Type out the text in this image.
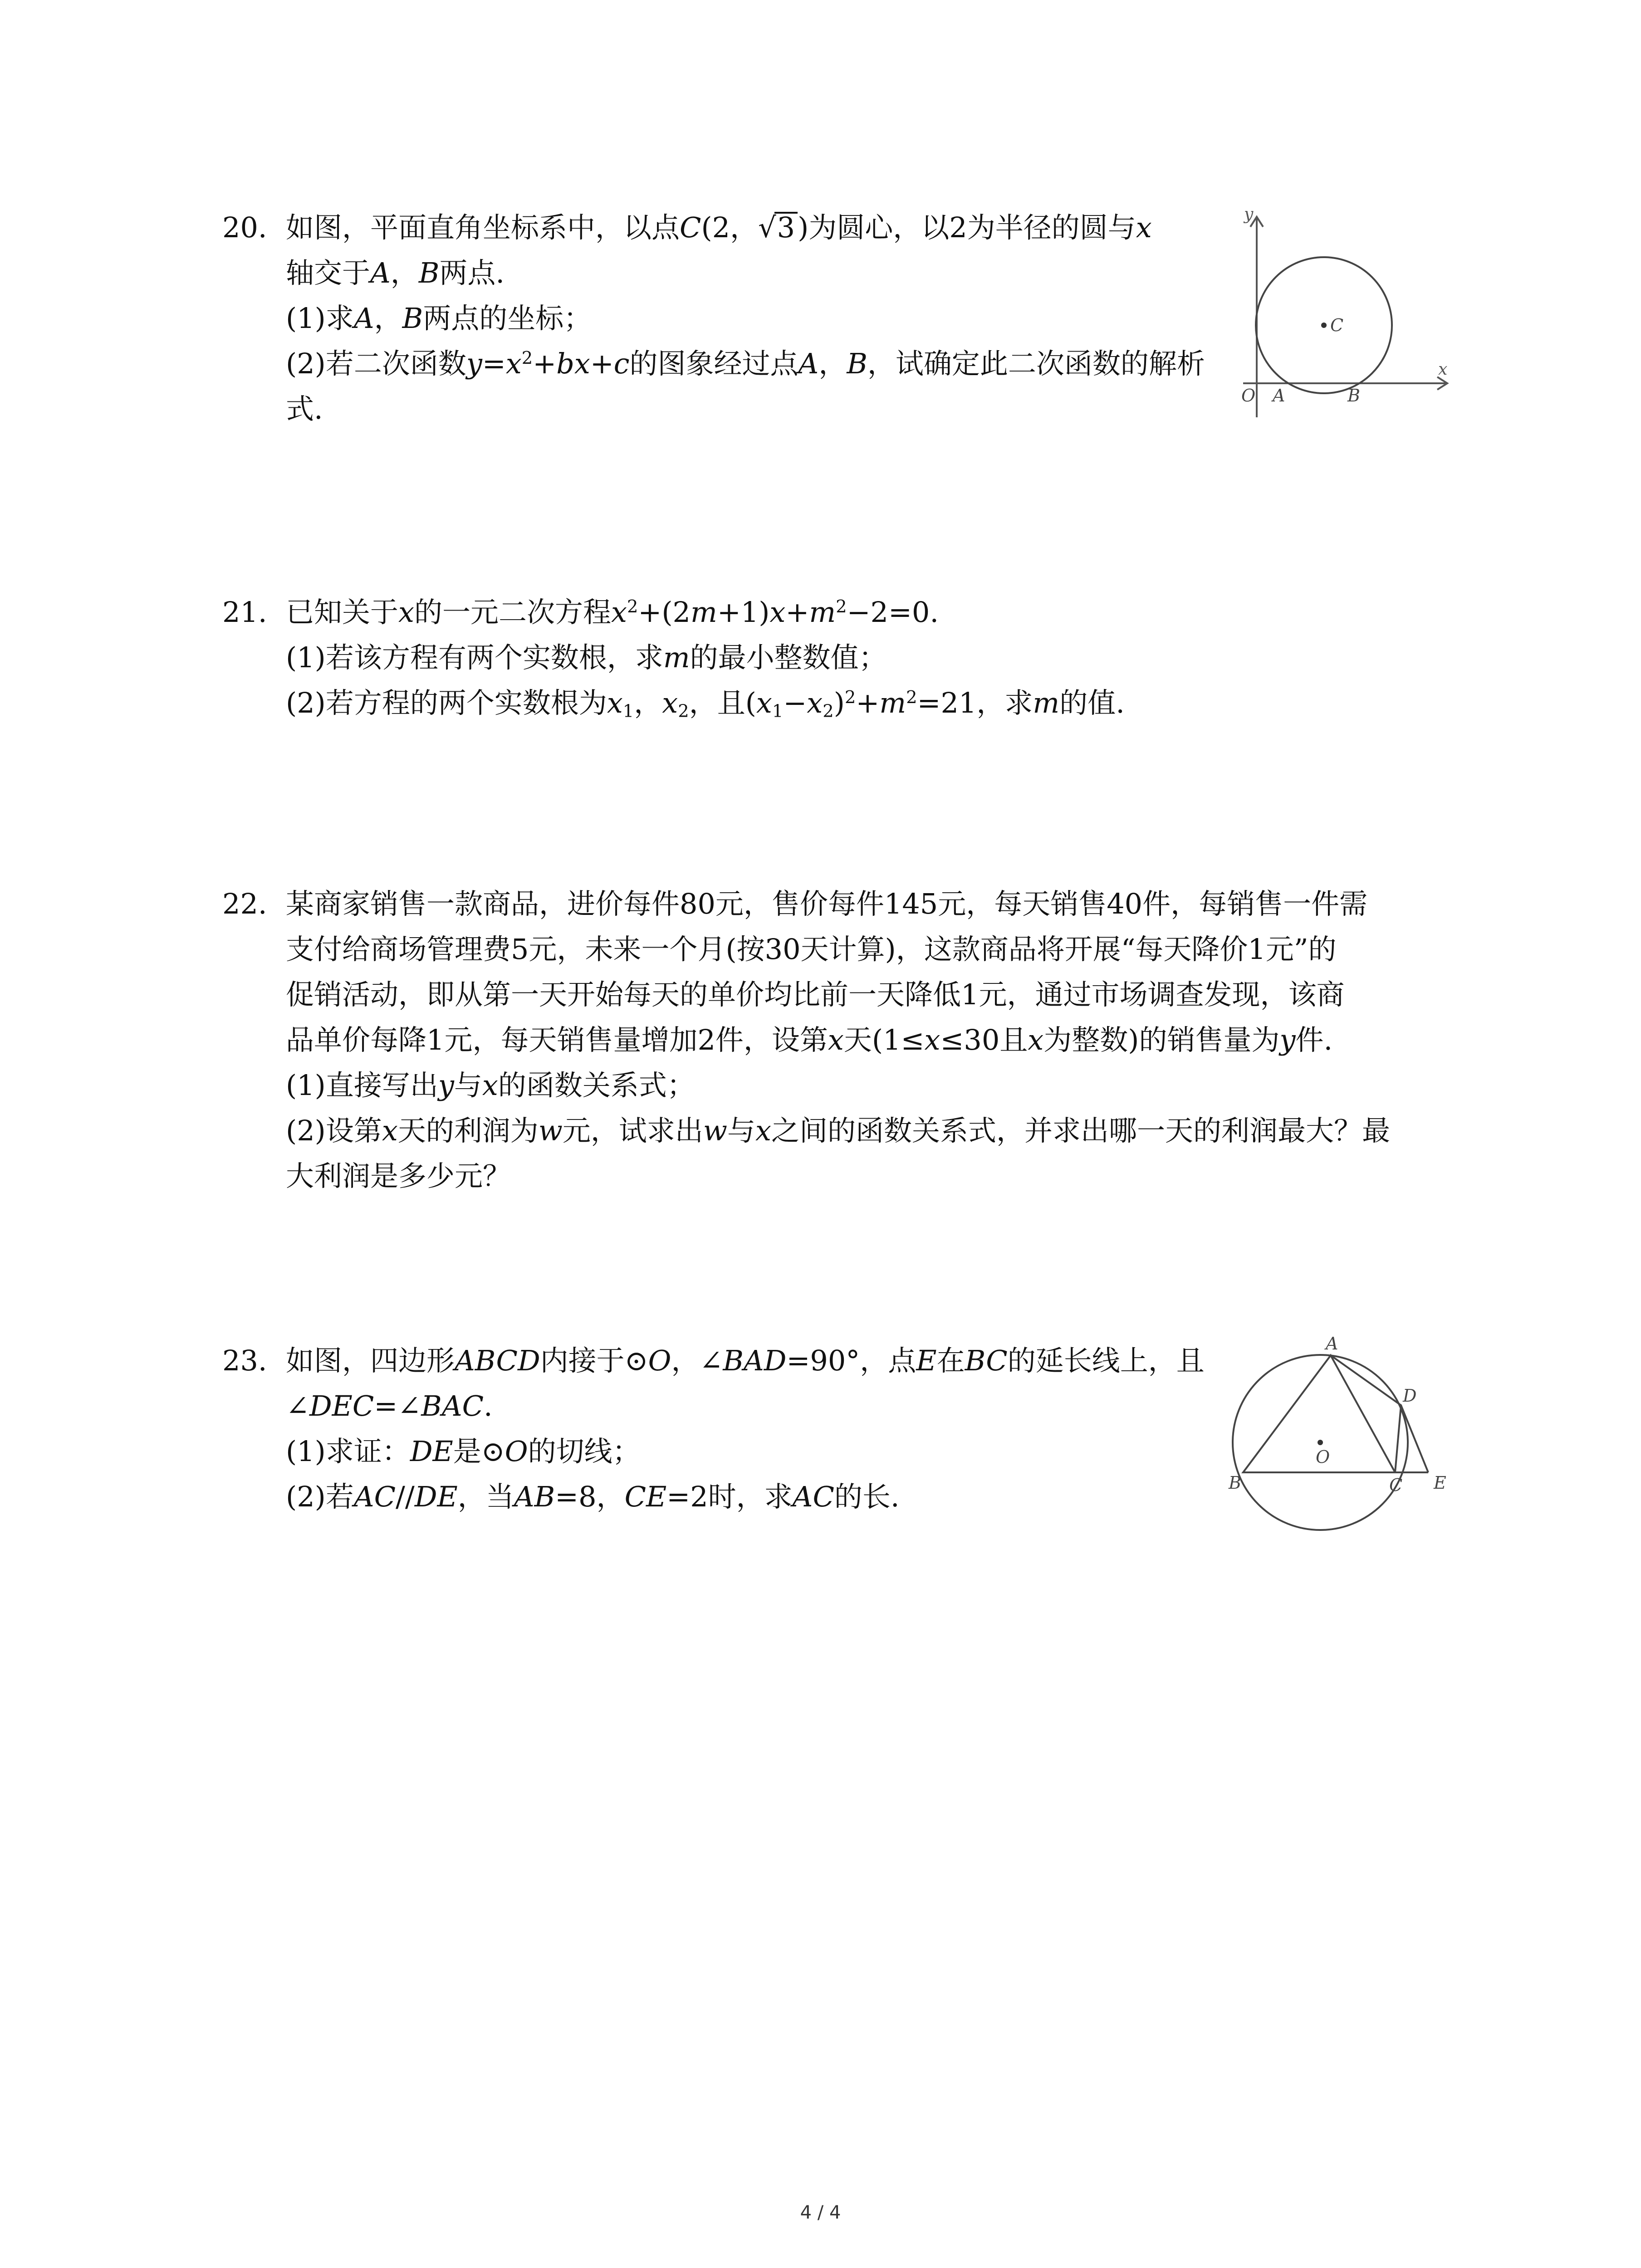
20. 如图，平面直角坐标系中，以点C(2，√3)为圆心，以2为半径的圆与x
轴交于A，B两点.
(1)求A，B两点的坐标；
(2)若二次函数$y=x^2+bx+c$的图象经过点A，B，试确定此二次函数的解析
式.
y
x
O A	B
C
21. 已知关于x的一元二次方程$x^2+(2m+1)x+m^2-2=0$.
(1)若该方程有两个实数根，求m的最小整数值；
(2)若方程的两个实数根为$x_1$，$x_2$，且$(x_1-x_2)^2+m^2=21$，求m的值.
22. 某商家销售一款商品，进价每件80元，售价每件145元，每天销售40件，每销售一件需
支付给商场管理费5元，未来一个月(按30天计算)，这款商品将开展“每天降价1元”的
促销活动，即从第一天开始每天的单价均比前一天降低1元，通过市场调查发现，该商
品单价每降1元，每天销售量增加2件，设第x天(1≤x≤30且x为整数)的销售量为y件.
(1)直接写出y与x的函数关系式；
(2)设第x天的利润为w元，试求出w与x之间的函数关系式，并求出哪一天的利润最大？最
大利润是多少元？
23. 如图，四边形ABCD内接于⊙O，∠BAD=90°，点E在BC的延长线上，且
∠DEC=∠BAC.
(1)求证：DE是⊙O的切线；
(2)若AC//DE，当AB=8，CE=2时，求AC的长.
A
B	C
D
E
O
4 / 4
